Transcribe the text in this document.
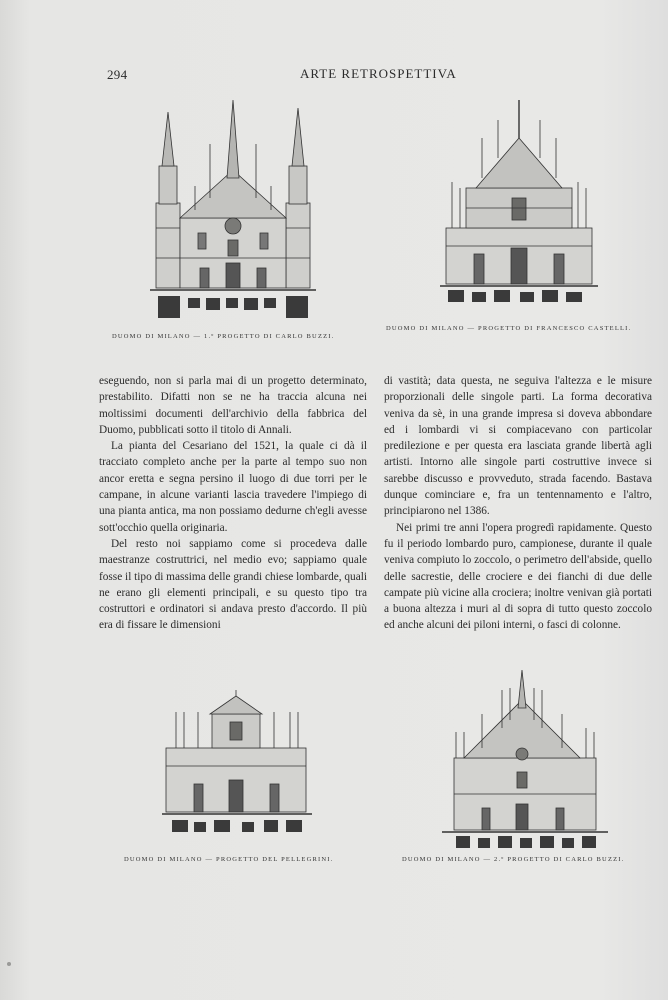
294	ARTE RETROSPETTIVA
DUOMO DI MILANO — 1.º PROGETTO DI CARLO BUZZI.
DUOMO DI MILANO — PROGETTO DI FRANCESCO CASTELLI.

eseguendo, non si parla mai di un progetto determinato, prestabilito. Difatti non se ne ha traccia alcuna nei moltissimi documenti dell'archivio della fabbrica del Duomo, pubblicati sotto il titolo di Annali.

La pianta del Cesariano del 1521, la quale ci dà il tracciato completo anche per la parte al tempo suo non ancor eretta e segna persino il luogo di due torri per le campane, in alcune varianti lascia travedere l'impiego di una pianta antica, ma non possiamo dedurne ch'egli avesse sott'occhio quella originaria.

Del resto noi sappiamo come si procedeva dalle maestranze costruttrici, nel medio evo; sappiamo quale fosse il tipo di massima delle grandi chiese lombarde, quali ne erano gli elementi principali, e su questo tipo tra costruttori e ordinatori si andava presto d'accordo. Il più era di fissare le dimensioni

di vastità; data questa, ne seguiva l'altezza e le misure proporzionali delle singole parti. La forma decorativa veniva da sè, in una grande impresa si doveva abbondare ed i lombardi vi si compiacevano con particolar predilezione e per questa era lasciata grande libertà agli artisti. Intorno alle singole parti costruttive invece si sarebbe discusso e provveduto, strada facendo. Bastava dunque cominciare e, fra un tentennamento e l'altro, principiarono nel 1386.

Nei primi tre anni l'opera progredì rapidamente. Questo fu il periodo lombardo puro, campionese, durante il quale veniva compiuto lo zoccolo, o perimetro dell'abside, quello delle sacrestie, delle crociere e dei fianchi di due delle campate più vicine alla crociera; inoltre venivan già portati a buona altezza i muri al di sopra di tutto questo zoccolo ed anche alcuni dei piloni interni, o fasci di colonne.

DUOMO DI MILANO — PROGETTO DEL PELLEGRINI.	DUOMO DI MILANO — 2.º PROGETTO DI CARLO BUZZI.
